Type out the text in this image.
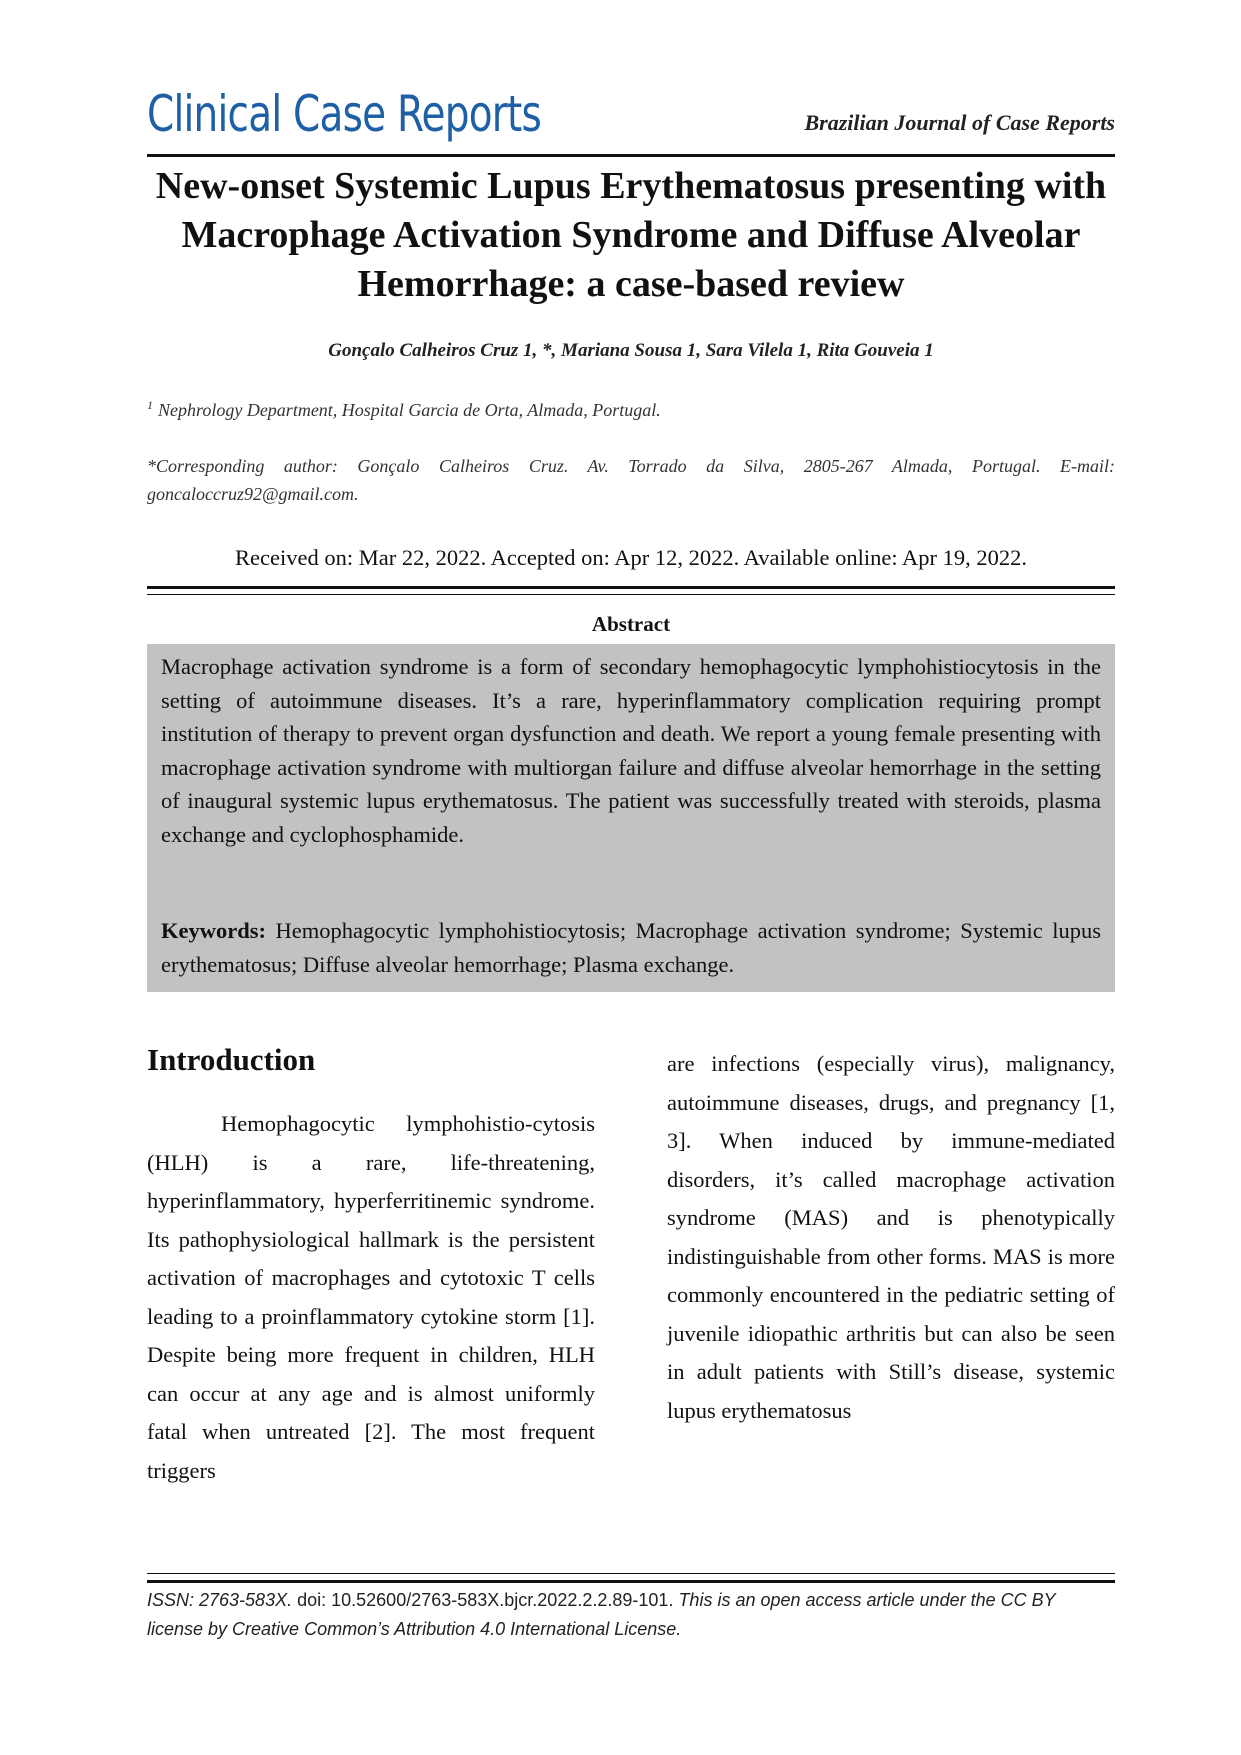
Clinical Case Reports	Brazilian Journal of Case Reports
New-onset Systemic Lupus Erythematosus presenting with Macrophage Activation Syndrome and Diffuse Alveolar Hemorrhage: a case-based review
Gonçalo Calheiros Cruz 1, *, Mariana Sousa 1, Sara Vilela 1, Rita Gouveia 1
$^1$ Nephrology Department, Hospital Garcia de Orta, Almada, Portugal.
*Corresponding author: Gonçalo Calheiros Cruz. Av. Torrado da Silva, 2805-267 Almada, Portugal. E-mail: goncaloccruz92@gmail.com.
Received on: Mar 22, 2022. Accepted on: Apr 12, 2022. Available online: Apr 19, 2022.
Abstract

Macrophage activation syndrome is a form of secondary hemophagocytic lymphohistiocytosis in the setting of autoimmune diseases. It’s a rare, hyperinflammatory complication requiring prompt institution of therapy to prevent organ dysfunction and death. We report a young female presenting with macrophage activation syndrome with multiorgan failure and diffuse alveolar hemorrhage in the setting of inaugural systemic lupus erythematosus. The patient was successfully treated with steroids, plasma exchange and cyclophosphamide.

Keywords: Hemophagocytic lymphohistiocytosis; Macrophage activation syndrome; Systemic lupus erythematosus; Diffuse alveolar hemorrhage; Plasma exchange.

Introduction

Hemophagocytic lymphohistio-cytosis (HLH) is a rare, life-threatening, hyperinflammatory, hyperferritinemic syndrome. Its pathophysiological hallmark is the persistent activation of macrophages and cytotoxic T cells leading to a proinflammatory cytokine storm [1]. Despite being more frequent in children, HLH can occur at any age and is almost uniformly fatal when untreated [2]. The most frequent triggers

are infections (especially virus), malignancy, autoimmune diseases, drugs, and pregnancy [1, 3]. When induced by immune-mediated disorders, it’s called macrophage activation syndrome (MAS) and is phenotypically indistinguishable from other forms. MAS is more commonly encountered in the pediatric setting of juvenile idiopathic arthritis but can also be seen in adult patients with Still’s disease, systemic lupus erythematosus

ISSN: 2763-583X. doi: 10.52600/2763-583X.bjcr.2022.2.2.89-101. This is an open access article under the CC BY license by Creative Common’s Attribution 4.0 International License.
